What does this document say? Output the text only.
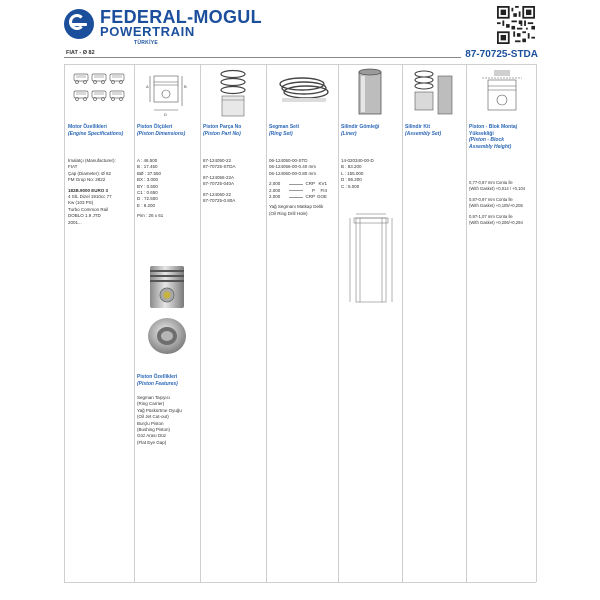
FEDERAL-MOGUL
POWERTRAIN
TÜRKİYE
FIAT - Ø 82	87-70725-STDA
A	B
D
Motor Özellikleri
(Engine Specifications)
İmalatçı (Manufacturer):
FIAT
Çap (Diameter): Ø 82
FM Grup No: 2822
182B.9000 EURO 3
4 SİL Dizel 1910cc 77
Kw (103 PS)
Turbo Common Rail
DOBLO 1.9 JTD
2001...
Piston Ölçüleri
(Piston Dimensions)
A : 46.500
B : 17.450
BØ : 37.550
BX : 3.000
BY : 0.500
C1 : 0.650
D : 72.500
E : 8.200
Pim : 26 x 61
Piston Özellikleri
(Piston Features)
Segman Taşıyıcı
(Ring Carrier)
Yağ Püskürtme Oyuğu
(Oil Jet Cut-out)
Burçlu Piston
(Bushing Piston)
Göz Arası Düz
(Flat Eye Gap)
Piston Parça No
(Piston Part No)
87-124050-22
87-70725-STDA
87-124056-22A
87-70725-040A
87-124060-22
87-70725-0.80A
Segman Seti
(Ring Set)
06-124050-00-STD
06-124056-00-0.40 mm
06-124060-00-0.80 mm
2.000	CRP KV1
2.000	P	FI4
2.000	CRP GOE
Yağ Segmanı Matkap Delik
(Oil Ring Drill Hole)
Silindir Gömleği
(Liner)
14-020340-00-D
B : 83.200
L : 155.000
D : 86.200
C : 5.000
Silindir Kit
(Assembly Set)
Piston - Blok Montaj
Yüksekliği
(Piston - Block
Assembly Height)
0,77-0,87 mm Conta İle
(With Gasket) +0,014 / +0,104
0,87-0,97 mm Conta İle
(With Gasket) +0,105/+0,205
0,97-1,07 mm Conta İle
(With Gasket) +0,206/+0,294
